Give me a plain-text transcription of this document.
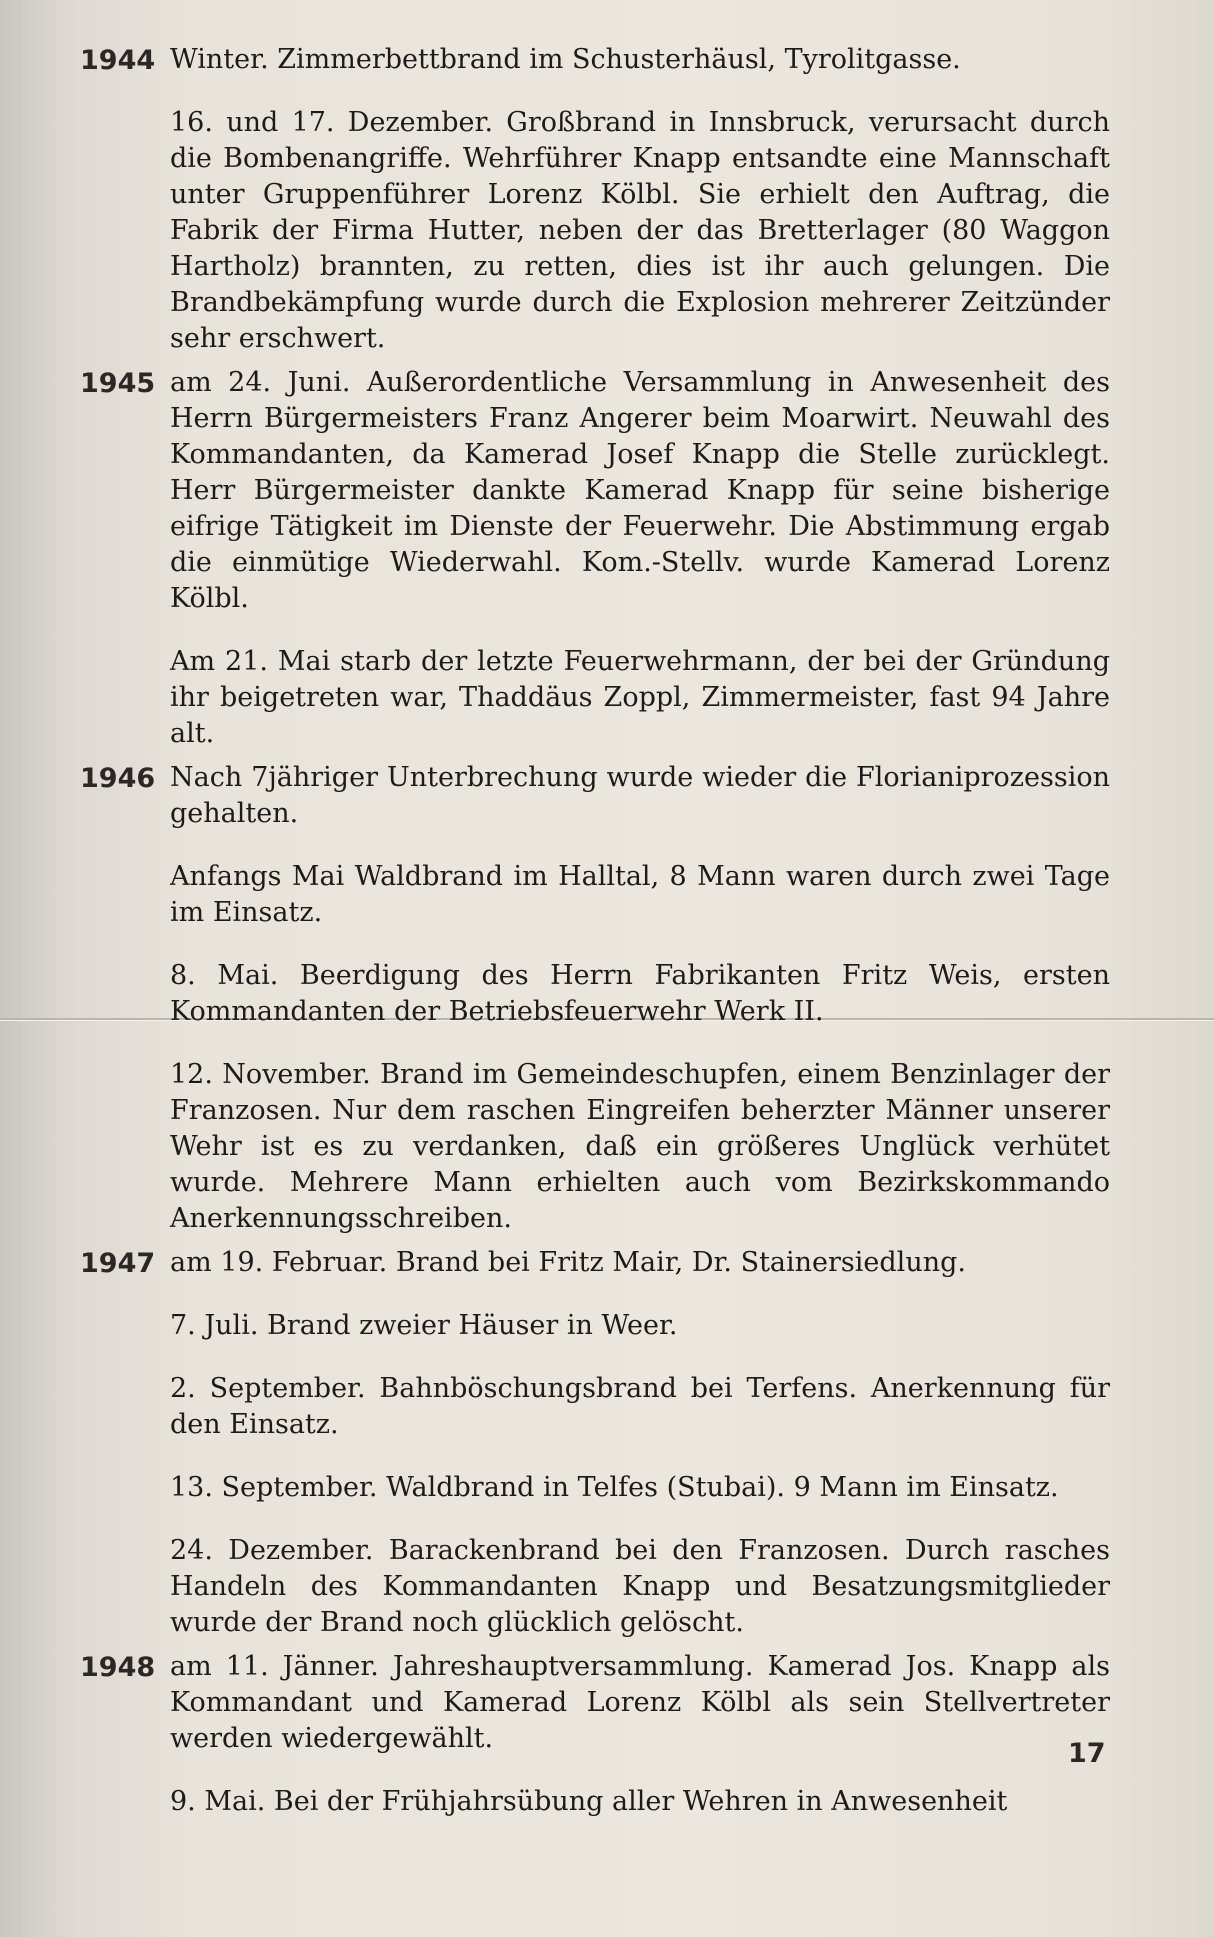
1944 Winter. Zimmerbettbrand im Schusterhäusl, Tyrolitgasse.

16. und 17. Dezember. Großbrand in Innsbruck, verursacht durch die Bombenangriffe. Wehrführer Knapp entsandte eine Mannschaft unter Gruppenführer Lorenz Kölbl. Sie erhielt den Auftrag, die Fabrik der Firma Hutter, neben der das Bretterlager (80 Waggon Hartholz) brannten, zu retten, dies ist ihr auch gelungen. Die Brandbekämpfung wurde durch die Explosion mehrerer Zeitzünder sehr erschwert.

1945 am 24. Juni. Außerordentliche Versammlung in Anwesenheit des Herrn Bürgermeisters Franz Angerer beim Moarwirt. Neuwahl des Kommandanten, da Kamerad Josef Knapp die Stelle zurücklegt. Herr Bürgermeister dankte Kamerad Knapp für seine bisherige eifrige Tätigkeit im Dienste der Feuerwehr. Die Abstimmung ergab die einmütige Wiederwahl. Kom.-Stellv. wurde Kamerad Lorenz Kölbl.

Am 21. Mai starb der letzte Feuerwehrmann, der bei der Gründung ihr beigetreten war, Thaddäus Zoppl, Zimmermeister, fast 94 Jahre alt.

1946 Nach 7jähriger Unterbrechung wurde wieder die Florianiprozession gehalten.

Anfangs Mai Waldbrand im Halltal, 8 Mann waren durch zwei Tage im Einsatz.

8. Mai. Beerdigung des Herrn Fabrikanten Fritz Weis, ersten Kommandanten der Betriebsfeuerwehr Werk II.

12. November. Brand im Gemeindeschupfen, einem Benzinlager der Franzosen. Nur dem raschen Eingreifen beherzter Männer unserer Wehr ist es zu verdanken, daß ein größeres Unglück verhütet wurde. Mehrere Mann erhielten auch vom Bezirkskommando Anerkennungsschreiben.

1947 am 19. Februar. Brand bei Fritz Mair, Dr. Stainersiedlung.

7. Juli. Brand zweier Häuser in Weer.

2. September. Bahnböschungsbrand bei Terfens. Anerkennung für den Einsatz.

13. September. Waldbrand in Telfes (Stubai). 9 Mann im Einsatz.

24. Dezember. Barackenbrand bei den Franzosen. Durch rasches Handeln des Kommandanten Knapp und Besatzungsmitglieder wurde der Brand noch glücklich gelöscht.

1948 am 11. Jänner. Jahreshauptversammlung. Kamerad Jos. Knapp als Kommandant und Kamerad Lorenz Kölbl als sein Stellvertreter werden wiedergewählt.

9. Mai. Bei der Frühjahrsübung aller Wehren in Anwesenheit

17
